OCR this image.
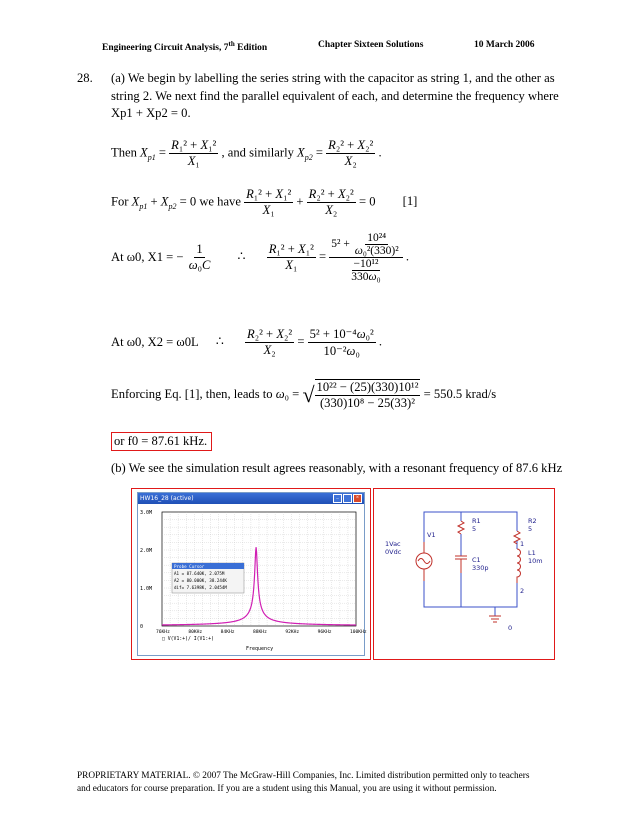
Engineering Circuit Analysis, 7th Edition	Chapter Sixteen Solutions	10 March 2006
28. (a) We begin by labelling the series string with the capacitor as string 1, and the other as
string 2. We next find the parallel equivalent of each, and determine the frequency where
Xp1 + Xp2 = 0.
Then $X_{p1} = \frac{\text{R₁² + X₁²}}{\text{X₁}}$ , and similarly $X_{p2} = \frac{\text{R₂² + X₂²}}{\text{X₂}}$ .
For $X_{p1} + X_{p2} = 0$ we have $\frac{\text{R₁² + X₁²}}{\text{X₁}} + \frac{\text{R₂² + X₂²}}{\text{X₂}} = 0$ [1]
At ω0, X1 = − $\frac{1}{\text{ω₀C}}$ ∴ $\frac{\text{R₁² + X₁²}}{\text{X₁}}$ =
$5^2 + \frac{\text{10²⁴}}{\text{ω₀²(330)²}}$
−10¹²
330ω₀
.
At ω0, X2 = ω0L ∴ $\frac{\text{R₂² + X₂²}}{\text{X₂}} = \frac{\text{5² + 10⁻⁴ω₀²}}{\text{10⁻²ω₀}}$ .
Enforcing Eq. [1], then, leads to ω₀ = √ $\frac{\text{10²² − (25)(330)10¹²}}{\text{(330)10⁸ − 25(33)²}} = 550.5$ krad/s
or f0 = 87.61 kHz.
(b) We see the simulation result agrees reasonably, with a resonant frequency of 87.6 kHz
HW16_28 (active)	_	×
3.0M
2.0M
1.0M
0
76KHz	80KHz	84KHz	88KHz	92KHz	96KHz	100KHz
Probe Cursor
A1 = 87.640K, 2.075M
A2 = 80.000K, 38.244K
dif= 7.6398K, 2.0454M
□ V(V1:+)/ I(V1:+)
Frequency
V1
1Vac
0Vdc
R1
5
R2
5
C1
330p
L1
10m
1
2
0
PROPRIETARY MATERIAL. © 2007 The McGraw-Hill Companies, Inc. Limited distribution permitted only to teachers
and educators for course preparation. If you are a student using this Manual, you are using it without permission.
